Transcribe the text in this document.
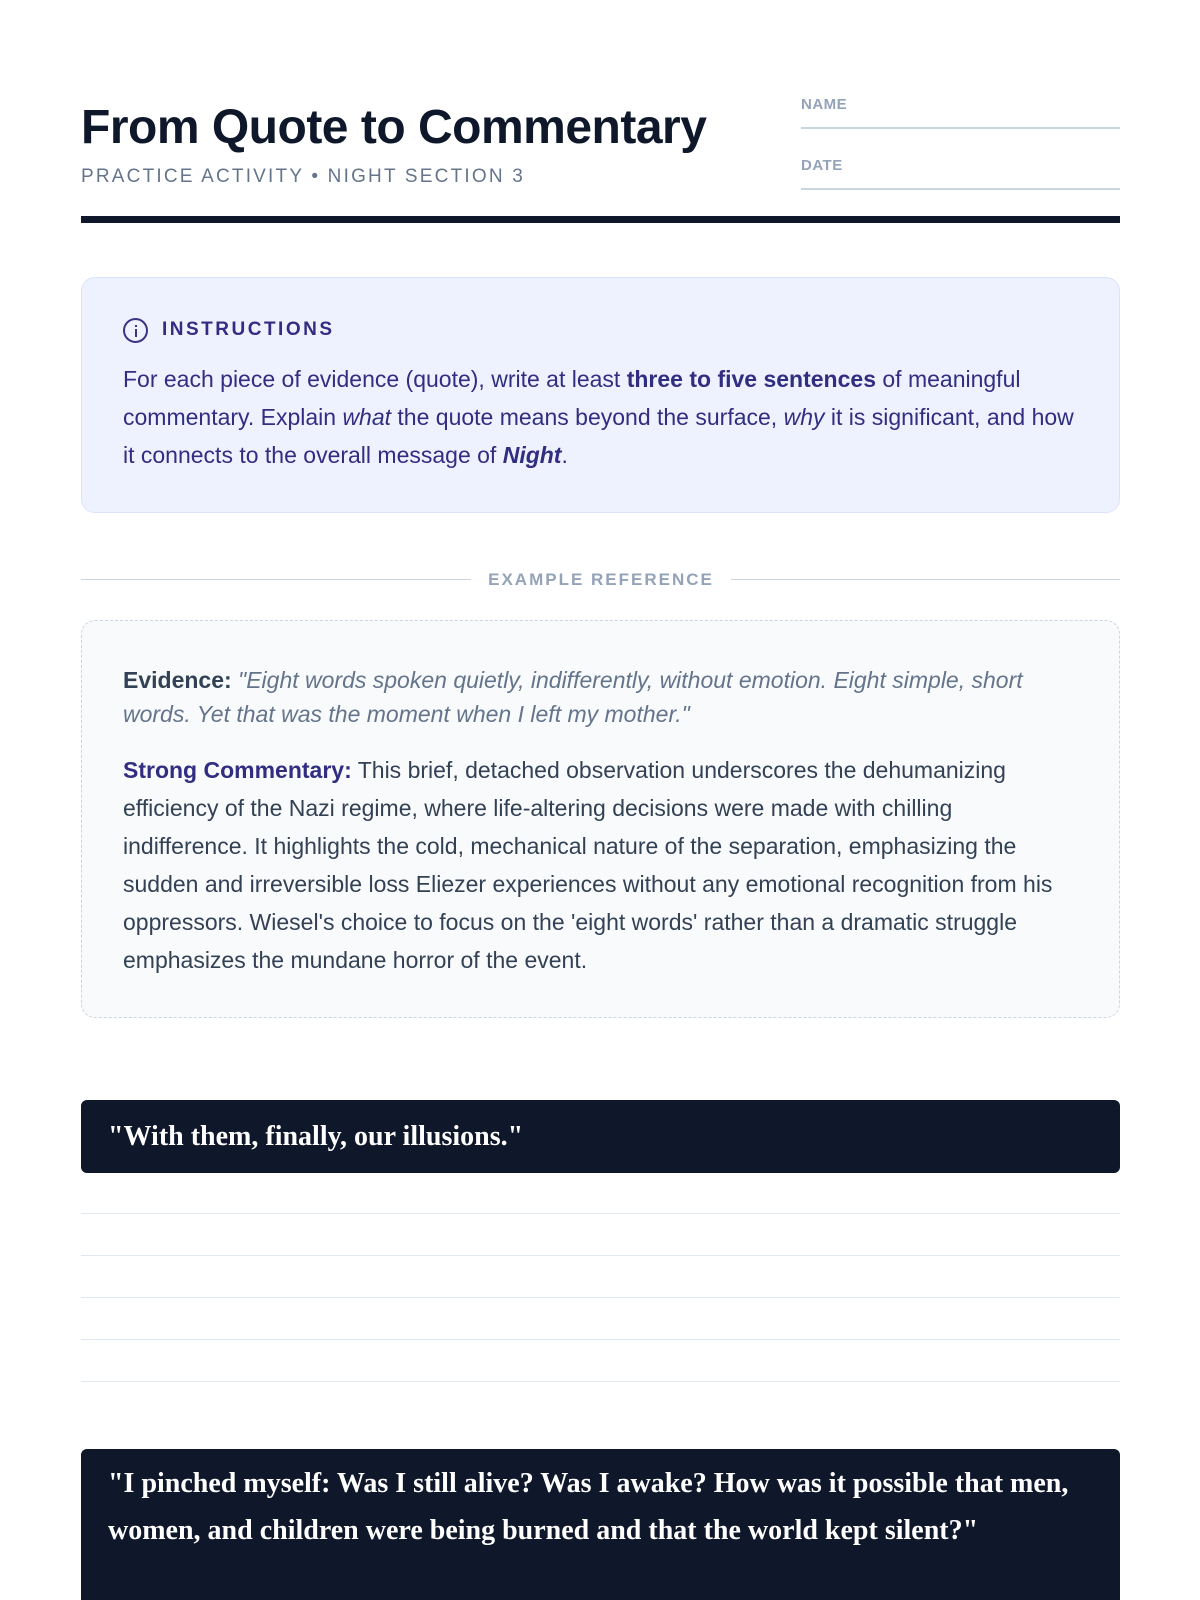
From Quote to Commentary
PRACTICE ACTIVITY • NIGHT SECTION 3
NAME
DATE
INSTRUCTIONS

For each piece of evidence (quote), write at least three to five sentences of meaningful commentary. Explain what the quote means beyond the surface, why it is significant, and how it connects to the overall message of Night.

EXAMPLE REFERENCE

Evidence: "Eight words spoken quietly, indifferently, without emotion. Eight simple, short words. Yet that was the moment when I left my mother."

Strong Commentary: This brief, detached observation underscores the dehumanizing efficiency of the Nazi regime, where life-altering decisions were made with chilling indifference. It highlights the cold, mechanical nature of the separation, emphasizing the sudden and irreversible loss Eliezer experiences without any emotional recognition from his oppressors. Wiesel's choice to focus on the 'eight words' rather than a dramatic struggle emphasizes the mundane horror of the event.

"With them, finally, our illusions."
"I pinched myself: Was I still alive? Was I awake? How was it possible that men, women, and children were being burned and that the world kept silent?"
